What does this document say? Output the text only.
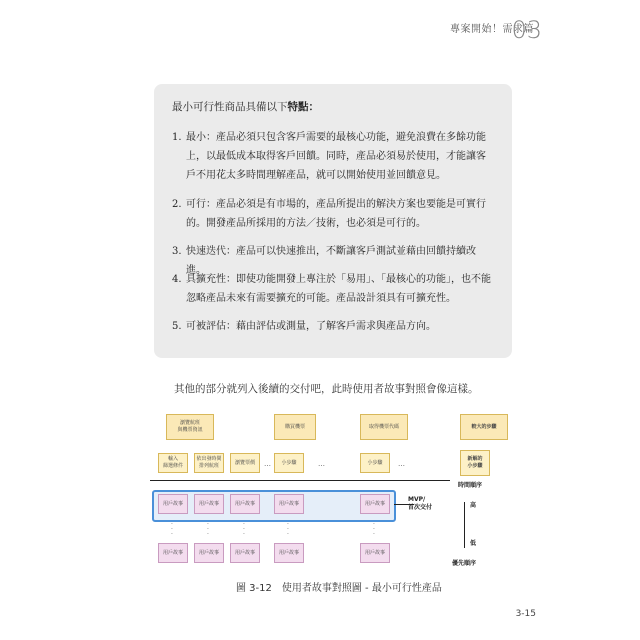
專案開始！需求篇
03
最小可行性商品具備以下特點：
1. 最小：產品必須只包含客戶需要的最核心功能，避免浪費在多餘功能上，以最低成本取得客戶回饋。同時，產品必須易於使用，才能讓客戶不用花太多時間理解產品，就可以開始使用並回饋意見。
2. 可行：產品必須是有市場的，產品所提出的解決方案也要能是可實行的。開發產品所採用的方法／技術，也必須是可行的。
3. 快速迭代：產品可以快速推出，不斷讓客戶測試並藉由回饋持續改進。
4. 具擴充性：即使功能開發上專注於「易用」、「最核心的功能」，也不能忽略產品未來有需要擴充的可能。產品設計須具有可擴充性。
5. 可被評估：藉由評估或測量，了解客戶需求與產品方向。
其他的部分就列入後續的交付吧，此時使用者故事對照會像這樣。
瀏覽航班
與機票資訊
購買機票	取得機票代碼	較大的步驟
輸入
篩選條件
依出發時間
排列航班
瀏覽票價	…	小步驟	…	小步驟	…
新解的
小步驟
時間順序
用戶故事	用戶故事	用戶故事	用戶故事	用戶故事
MVP/
首次交付
·
·
·
·
·
·
·
·
·
·
·
·
·
·
·
用戶故事	用戶故事	用戶故事	用戶故事	用戶故事
高
低
優先順序
圖 3-12　使用者故事對照圖 - 最小可行性產品
3-15
